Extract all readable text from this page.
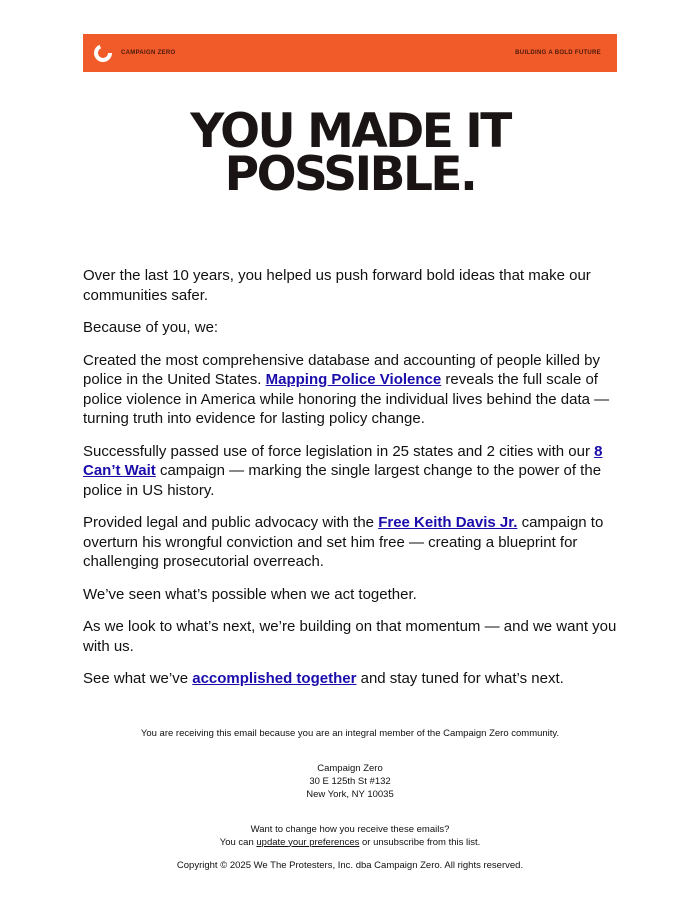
CAMPAIGN ZERO	BUILDING A BOLD FUTURE
YOU MADE IT
POSSIBLE.

Over the last 10 years, you helped us push forward bold ideas that make our communities safer.

Because of you, we:

Created the most comprehensive database and accounting of people killed by police in the United States. Mapping Police Violence reveals the full scale of police violence in America while honoring the individual lives behind the data — turning truth into evidence for lasting policy change.

Successfully passed use of force legislation in 25 states and 2 cities with our 8 Can’t Wait campaign — marking the single largest change to the power of the police in US history.

Provided legal and public advocacy with the Free Keith Davis Jr. campaign to overturn his wrongful conviction and set him free — creating a blueprint for challenging prosecutorial overreach.

We’ve seen what’s possible when we act together.

As we look to what’s next, we’re building on that momentum — and we want you with us.

See what we’ve accomplished together and stay tuned for what’s next.

You are receiving this email because you are an integral member of the Campaign Zero community.

Campaign Zero
30 E 125th St #132
New York, NY 10035

Want to change how you receive these emails?
You can update your preferences or unsubscribe from this list.

Copyright © 2025 We The Protesters, Inc. dba Campaign Zero. All rights reserved.
